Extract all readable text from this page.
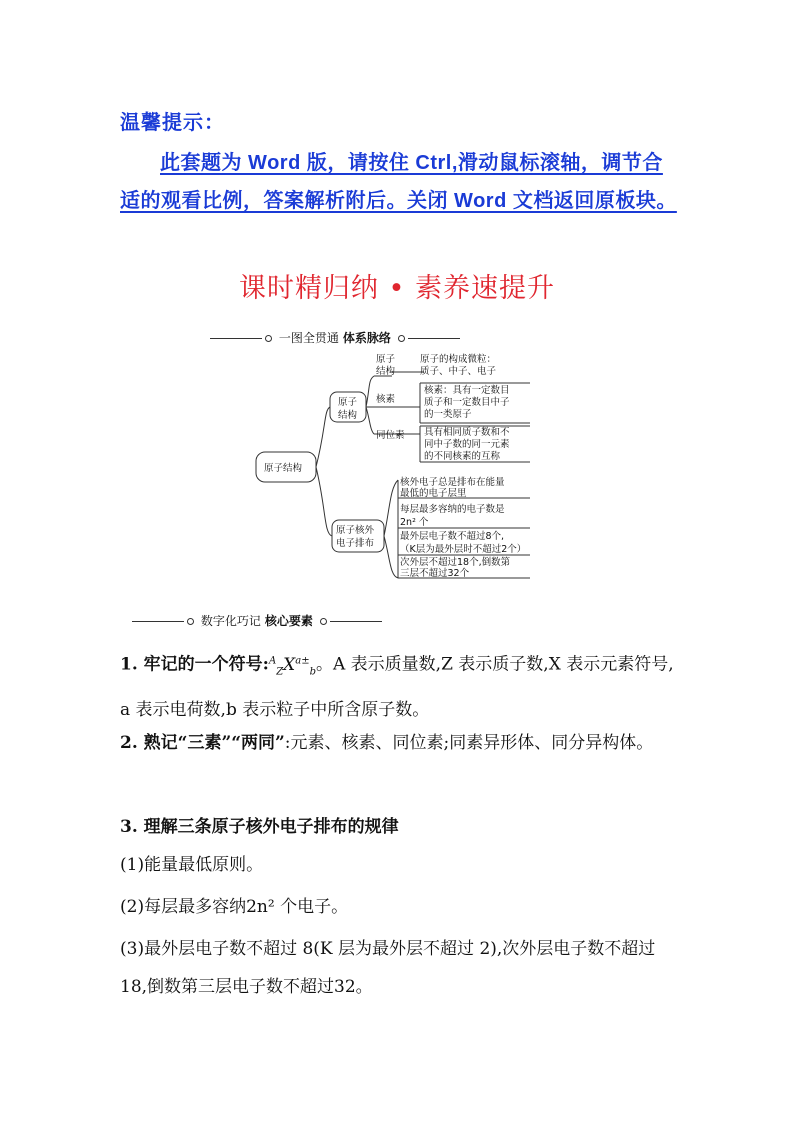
温馨提示：
此套题为 Word 版，请按住 Ctrl,滑动鼠标滚轴，调节合适的观看比例，答案解析附后。关闭 Word 文档返回原板块。
课时精归纳 • 素养速提升
一图全贯通 体系脉络
原子结构
原子
结构
原子核外
电子排布
原子
结构
原子的构成微粒：
质子、中子、电子
核素
核素：具有一定数目
质子和一定数目中子
的一类原子
同位素 具有相同质子数和不
同中子数的同一元素
的不同核素的互称
核外电子总是排布在能量
最低的电子层里
每层最多容纳的电子数是
2n² 个
最外层电子数不超过8个,
（K层为最外层时不超过2个）
次外层不超过18个,倒数第
三层不超过32个
数字化巧记 核心要素
1. 牢记的一个符号$:^A_ZX^{a\pm}_b$。A 表示质量数,Z 表示质子数,X 表示元素符号, a 表示电荷数,b 表示粒子中所含原子数。
2. 熟记“三素”“两同”:元素、核素、同位素;同素异形体、同分异构体。
3. 理解三条原子核外电子排布的规律
(1)能量最低原则。
(2)每层最多容纳2n² 个电子。
(3)最外层电子数不超过 8(K 层为最外层不超过 2),次外层电子数不超过 18,倒数第三层电子数不超过32。
